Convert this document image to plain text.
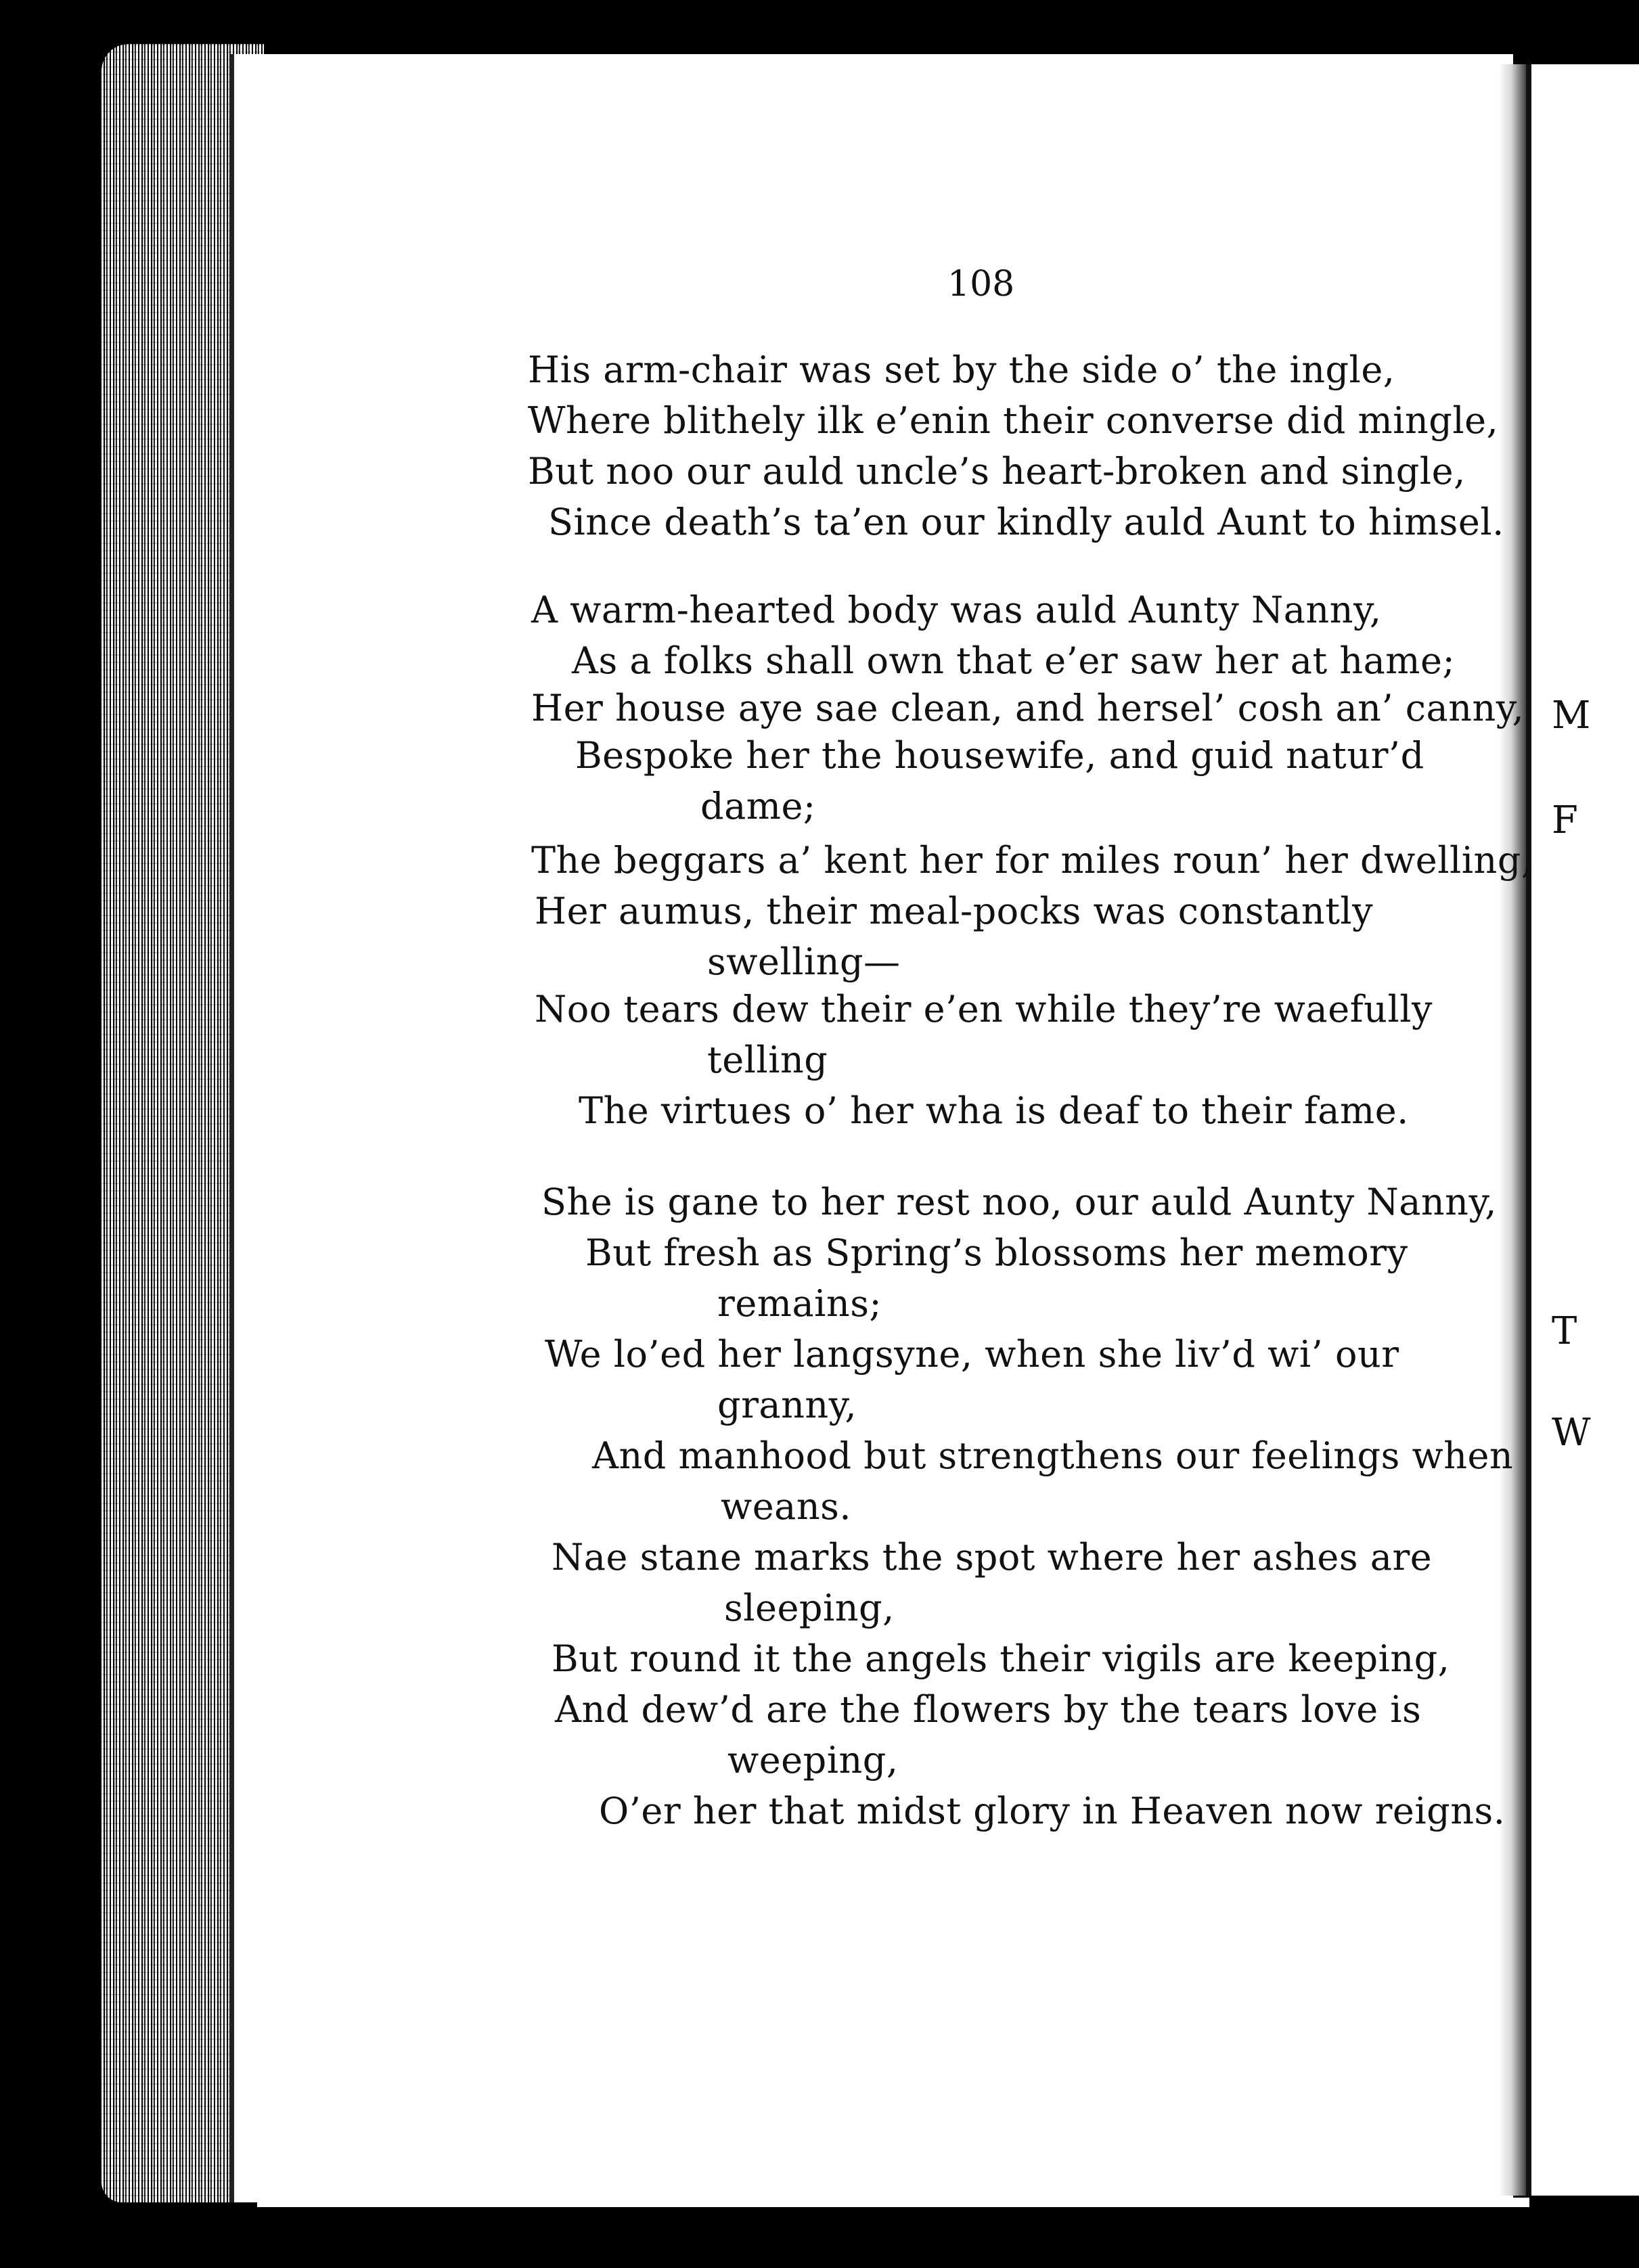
M
F
T
W
108
His arm-chair was set by the side o’ the ingle,
Where blithely ilk e’enin their converse did mingle,
But noo our auld uncle’s heart-broken and single,
Since death’s ta’en our kindly auld Aunt to himsel.
A warm-hearted body was auld Aunty Nanny,
As a folks shall own that e’er saw her at hame;
Her house aye sae clean, and hersel’ cosh an’ canny,
Bespoke her the housewife, and guid natur’d
dame;
The beggars a’ kent her for miles roun’ her dwelling,
Her aumus, their meal-pocks was constantly
swelling—
Noo tears dew their e’en while they’re waefully
telling
The virtues o’ her wha is deaf to their fame.
She is gane to her rest noo, our auld Aunty Nanny,
But fresh as Spring’s blossoms her memory
remains;
We lo’ed her langsyne, when she liv’d wi’ our
granny,
And manhood but strengthens our feelings when
weans.
Nae stane marks the spot where her ashes are
sleeping,
But round it the angels their vigils are keeping,
And dew’d are the flowers by the tears love is
weeping,
O’er her that midst glory in Heaven now reigns.
